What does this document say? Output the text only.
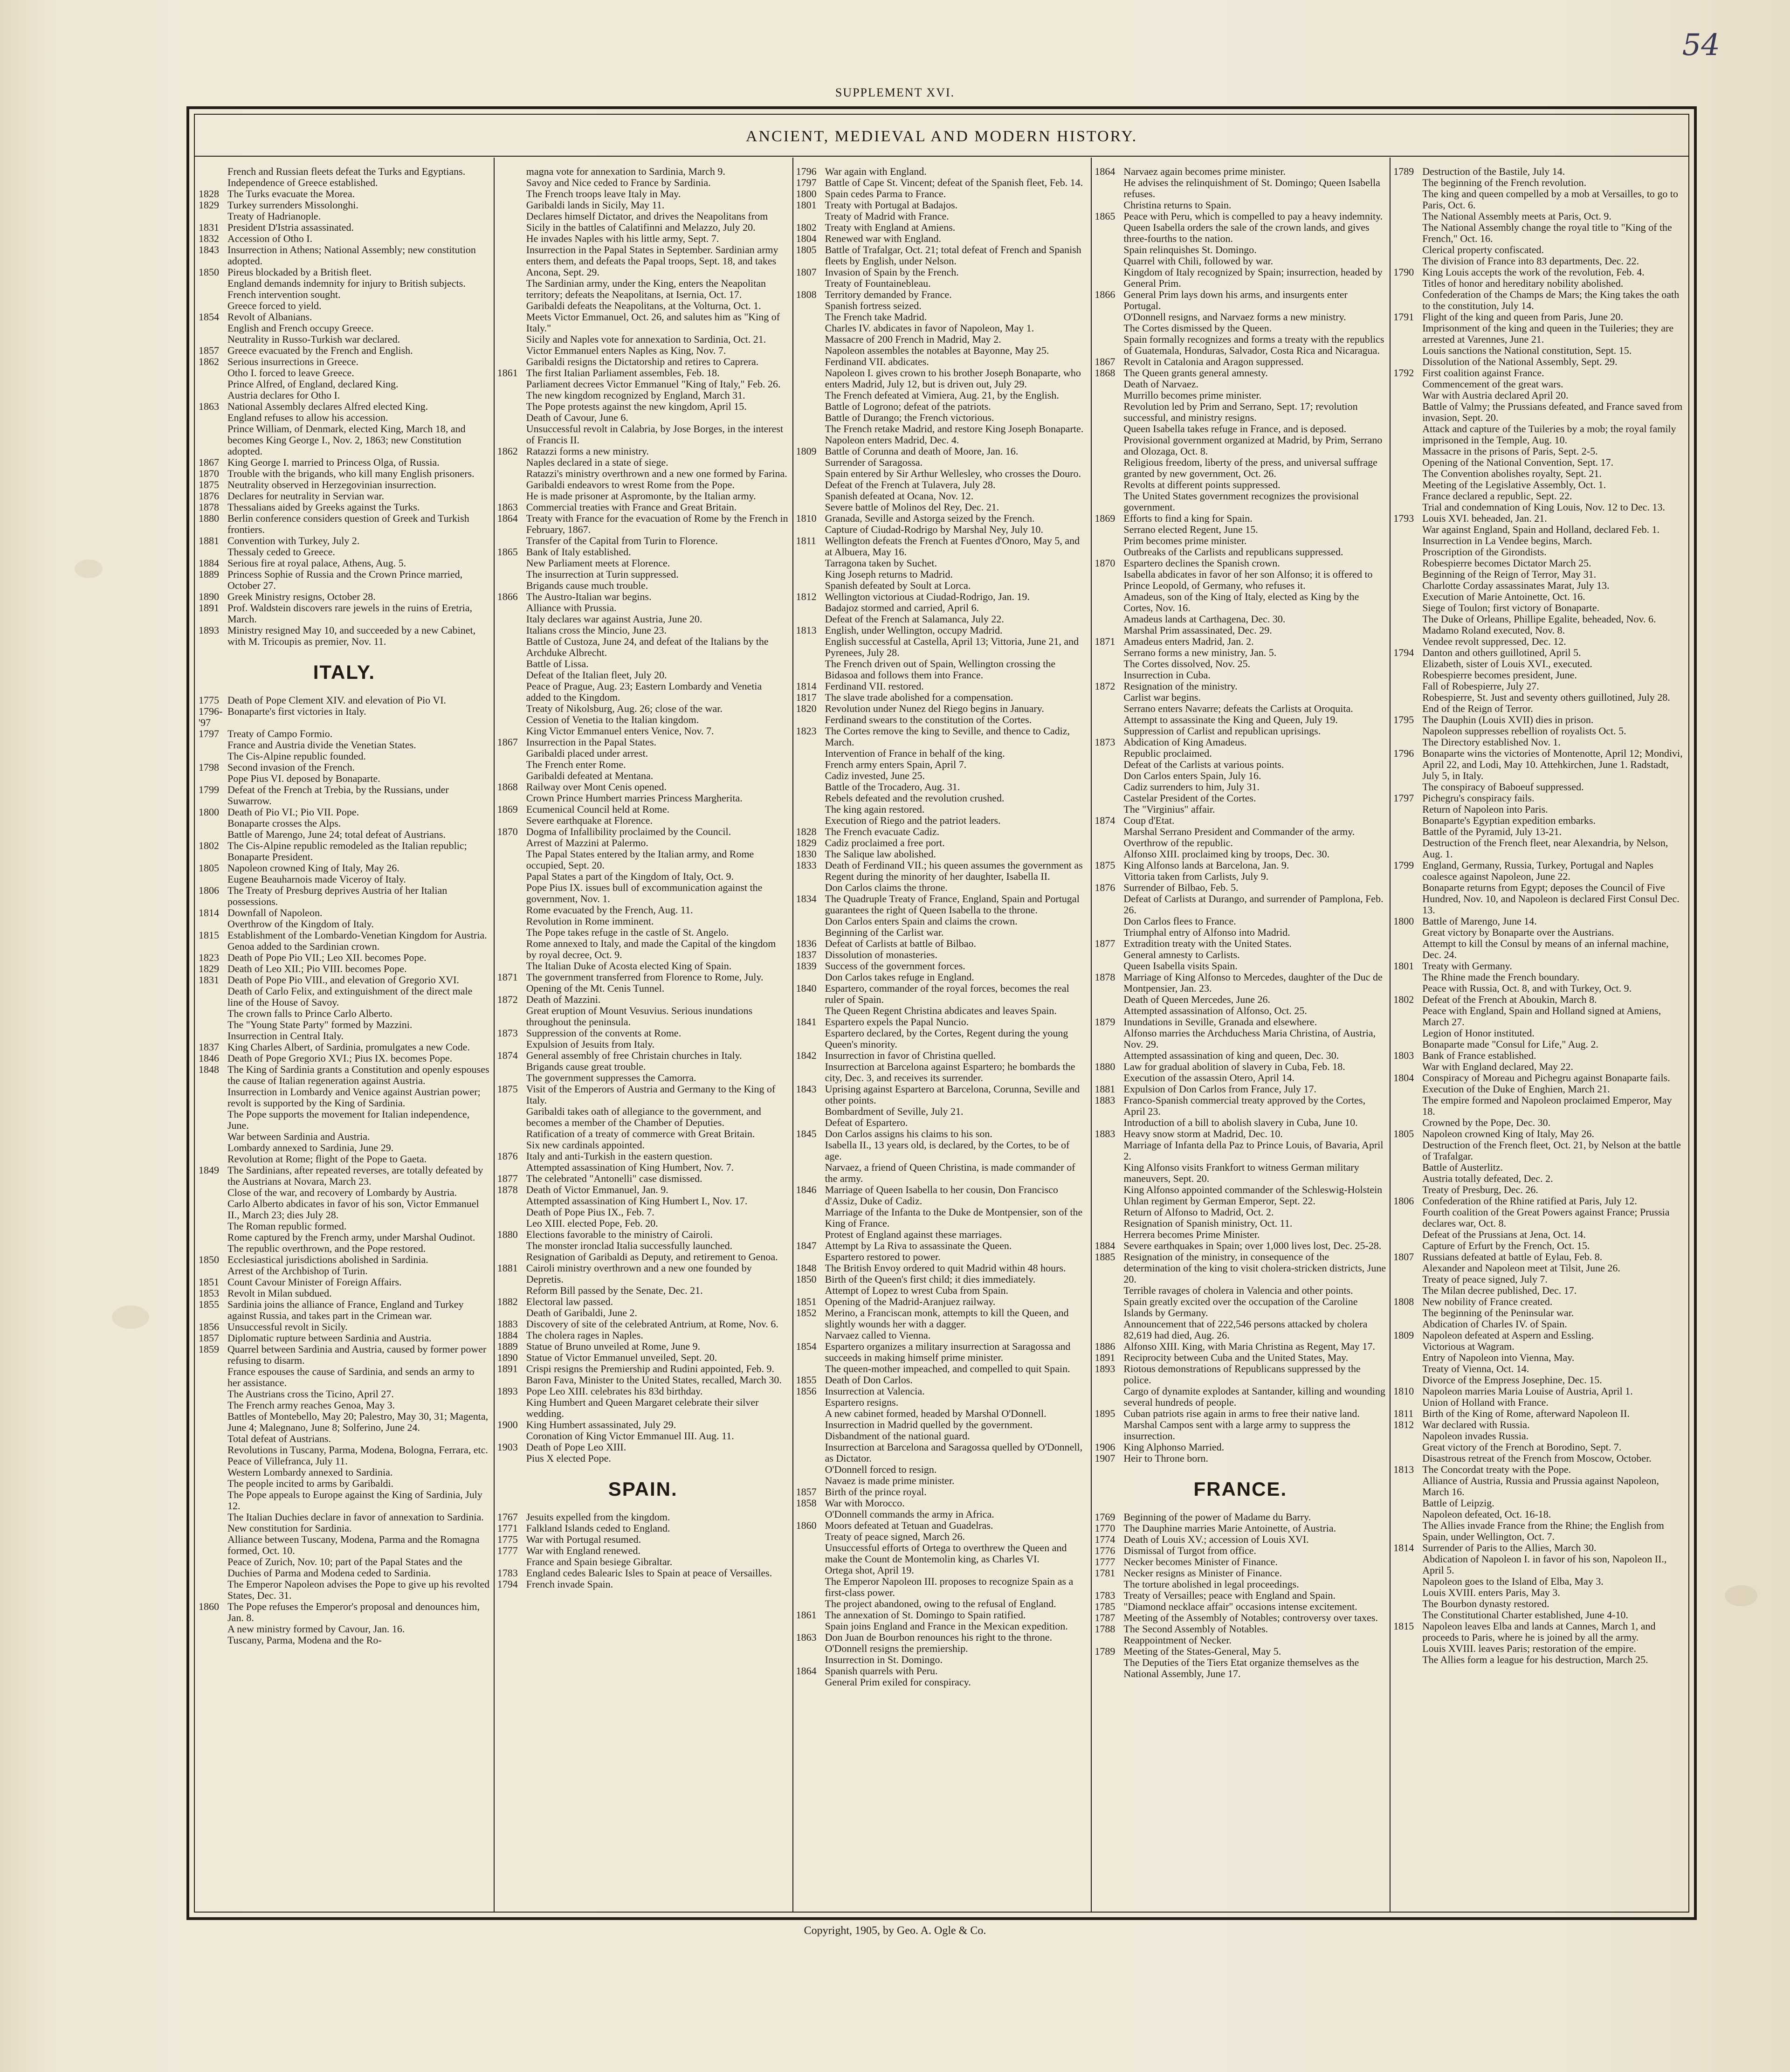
54
SUPPLEMENT XVI.
ANCIENT, MEDIEVAL AND MODERN HISTORY.
French and Russian fleets defeat the Turks and Egyptians.
Independence of Greece established.
1828 The Turks evacuate the Morea.
1829 Turkey surrenders Missolonghi.
Treaty of Hadrianople.
1831 President D'Istria assassinated.
1832 Accession of Otho I.
1843 Insurrection in Athens; National Assembly; new constitution adopted.
1850 Pireus blockaded by a British fleet.
England demands indemnity for injury to British subjects.
French intervention sought.
Greece forced to yield.
1854 Revolt of Albanians.
English and French occupy Greece.
Neutrality in Russo-Turkish war declared.
1857 Greece evacuated by the French and English.
1862 Serious insurrections in Greece.
Otho I. forced to leave Greece.
Prince Alfred, of England, declared King.
Austria declares for Otho I.
1863 National Assembly declares Alfred elected King.
England refuses to allow his accession.
Prince William, of Denmark, elected King, March 18, and becomes King George I., Nov. 2, 1863; new Constitution adopted.
1867 King George I. married to Princess Olga, of Russia.
1870 Trouble with the brigands, who kill many English prisoners.
1875 Neutrality observed in Herzegovinian insurrection.
1876 Declares for neutrality in Servian war.
1878 Thessalians aided by Greeks against the Turks.
1880 Berlin conference considers question of Greek and Turkish frontiers.
1881 Convention with Turkey, July 2.
Thessaly ceded to Greece.
1884 Serious fire at royal palace, Athens, Aug. 5.
1889 Princess Sophie of Russia and the Crown Prince married, October 27.
1890 Greek Ministry resigns, October 28.
1891 Prof. Waldstein discovers rare jewels in the ruins of Eretria, March.
1893 Ministry resigned May 10, and succeeded by a new Cabinet, with M. Tricoupis as premier, Nov. 11.
ITALY.
1775 Death of Pope Clement XIV. and elevation of Pio VI.
1796-'97
Bonaparte's first victories in Italy.
1797 Treaty of Campo Formio.
France and Austria divide the Venetian States.
The Cis-Alpine republic founded.
1798 Second invasion of the French.
Pope Pius VI. deposed by Bonaparte.
1799 Defeat of the French at Trebia, by the Russians, under Suwarrow.
1800 Death of Pio VI.; Pio VII. Pope.
Bonaparte crosses the Alps.
Battle of Marengo, June 24; total defeat of Austrians.
1802 The Cis-Alpine republic remodeled as the Italian republic; Bonaparte President.
1805 Napoleon crowned King of Italy, May 26.
Eugene Beauharnois made Viceroy of Italy.
1806 The Treaty of Presburg deprives Austria of her Italian possessions.
1814 Downfall of Napoleon.
Overthrow of the Kingdom of Italy.
1815 Establishment of the Lombardo-Venetian Kingdom for Austria.
Genoa added to the Sardinian crown.
1823 Death of Pope Pio VII.; Leo XII. becomes Pope.
1829 Death of Leo XII.; Pio VIII. becomes Pope.
1831 Death of Pope Pio VIII., and elevation of Gregorio XVI.
Death of Carlo Felix, and extinguishment of the direct male line of the House of Savoy.
The crown falls to Prince Carlo Alberto.
The "Young State Party" formed by Mazzini.
Insurrection in Central Italy.
1837 King Charles Albert, of Sardinia, promulgates a new Code.
1846 Death of Pope Gregorio XVI.; Pius IX. becomes Pope.
1848 The King of Sardinia grants a Constitution and openly espouses the cause of Italian regeneration against Austria.
Insurrection in Lombardy and Venice against Austrian power; revolt is supported by the King of Sardinia.
The Pope supports the movement for Italian independence, June.
War between Sardinia and Austria.
Lombardy annexed to Sardinia, June 29.
Revolution at Rome; flight of the Pope to Gaeta.
1849 The Sardinians, after repeated reverses, are totally defeated by the Austrians at Novara, March 23.
Close of the war, and recovery of Lombardy by Austria.
Carlo Alberto abdicates in favor of his son, Victor Emmanuel II., March 23; dies July 28.
The Roman republic formed.
Rome captured by the French army, under Marshal Oudinot.
The republic overthrown, and the Pope restored.
1850 Ecclesiastical jurisdictions abolished in Sardinia.
Arrest of the Archbishop of Turin.
1851 Count Cavour Minister of Foreign Affairs.
1853 Revolt in Milan subdued.
1855 Sardinia joins the alliance of France, England and Turkey against Russia, and takes part in the Crimean war.
1856 Unsuccessful revolt in Sicily.
1857 Diplomatic rupture between Sardinia and Austria.
1859 Quarrel between Sardinia and Austria, caused by former power refusing to disarm.
France espouses the cause of Sardinia, and sends an army to her assistance.
The Austrians cross the Ticino, April 27.
The French army reaches Genoa, May 3.
Battles of Montebello, May 20; Palestro, May 30, 31; Magenta, June 4; Malegnano, June 8; Solferino, June 24.
Total defeat of Austrians.
Revolutions in Tuscany, Parma, Modena, Bologna, Ferrara, etc.
Peace of Villefranca, July 11.
Western Lombardy annexed to Sardinia.
The people incited to arms by Garibaldi.
The Pope appeals to Europe against the King of Sardinia, July 12.
The Italian Duchies declare in favor of annexation to Sardinia.
New constitution for Sardinia.
Alliance between Tuscany, Modena, Parma and the Romagna formed, Oct. 10.
Peace of Zurich, Nov. 10; part of the Papal States and the Duchies of Parma and Modena ceded to Sardinia.
The Emperor Napoleon advises the Pope to give up his revolted States, Dec. 31.
1860 The Pope refuses the Emperor's proposal and denounces him, Jan. 8.
A new ministry formed by Cavour, Jan. 16.
Tuscany, Parma, Modena and the Ro-
magna vote for annexation to Sardinia, March 9.
Savoy and Nice ceded to France by Sardinia.
The French troops leave Italy in May.
Garibaldi lands in Sicily, May 11.
Declares himself Dictator, and drives the Neapolitans from Sicily in the battles of Calatifinni and Melazzo, July 20.
He invades Naples with his little army, Sept. 7.
Insurrection in the Papal States in September. Sardinian army enters them, and defeats the Papal troops, Sept. 18, and takes Ancona, Sept. 29.
The Sardinian army, under the King, enters the Neapolitan territory; defeats the Neapolitans, at Isernia, Oct. 17.
Garibaldi defeats the Neapolitans, at the Volturna, Oct. 1.
Meets Victor Emmanuel, Oct. 26, and salutes him as "King of Italy."
Sicily and Naples vote for annexation to Sardinia, Oct. 21.
Victor Emmanuel enters Naples as King, Nov. 7.
Garibaldi resigns the Dictatorship and retires to Caprera.
1861 The first Italian Parliament assembles, Feb. 18.
Parliament decrees Victor Emmanuel "King of Italy," Feb. 26.
The new kingdom recognized by England, March 31.
The Pope protests against the new kingdom, April 15.
Death of Cavour, June 6.
Unsuccessful revolt in Calabria, by Jose Borges, in the interest of Francis II.
1862 Ratazzi forms a new ministry.
Naples declared in a state of siege.
Ratazzi's ministry overthrown and a new one formed by Farina.
Garibaldi endeavors to wrest Rome from the Pope.
He is made prisoner at Aspromonte, by the Italian army.
1863 Commercial treaties with France and Great Britain.
1864 Treaty with France for the evacuation of Rome by the French in February, 1867.
Transfer of the Capital from Turin to Florence.
1865 Bank of Italy established.
New Parliament meets at Florence.
The insurrection at Turin suppressed.
Brigands cause much trouble.
1866 The Austro-Italian war begins.
Alliance with Prussia.
Italy declares war against Austria, June 20.
Italians cross the Mincio, June 23.
Battle of Custoza, June 24, and defeat of the Italians by the Archduke Albrecht.
Battle of Lissa.
Defeat of the Italian fleet, July 20.
Peace of Prague, Aug. 23; Eastern Lombardy and Venetia added to the Kingdom.
Treaty of Nikolsburg, Aug. 26; close of the war.
Cession of Venetia to the Italian kingdom.
King Victor Emmanuel enters Venice, Nov. 7.
1867 Insurrection in the Papal States.
Garibaldi placed under arrest.
The French enter Rome.
Garibaldi defeated at Mentana.
1868 Railway over Mont Cenis opened.
Crown Prince Humbert marries Princess Margherita.
1869 Ecumenical Council held at Rome.
Severe earthquake at Florence.
1870 Dogma of Infallibility proclaimed by the Council.
Arrest of Mazzini at Palermo.
The Papal States entered by the Italian army, and Rome occupied, Sept. 20.
Papal States a part of the Kingdom of Italy, Oct. 9.
Pope Pius IX. issues bull of excommunication against the government, Nov. 1.
Rome evacuated by the French, Aug. 11.
Revolution in Rome imminent.
The Pope takes refuge in the castle of St. Angelo.
Rome annexed to Italy, and made the Capital of the kingdom by royal decree, Oct. 9.
The Italian Duke of Acosta elected King of Spain.
1871 The government transferred from Florence to Rome, July.
Opening of the Mt. Cenis Tunnel.
1872 Death of Mazzini.
Great eruption of Mount Vesuvius. Serious inundations throughout the peninsula.
1873 Suppression of the convents at Rome.
Expulsion of Jesuits from Italy.
1874 General assembly of free Christain churches in Italy.
Brigands cause great trouble.
The government suppresses the Camorra.
1875 Visit of the Emperors of Austria and Germany to the King of Italy.
Garibaldi takes oath of allegiance to the government, and becomes a member of the Chamber of Deputies.
Ratification of a treaty of commerce with Great Britain.
Six new cardinals appointed.
1876 Italy and anti-Turkish in the eastern question.
Attempted assassination of King Humbert, Nov. 7.
1877 The celebrated "Antonelli" case dismissed.
1878 Death of Victor Emmanuel, Jan. 9.
Attempted assassination of King Humbert I., Nov. 17.
Death of Pope Pius IX., Feb. 7.
Leo XIII. elected Pope, Feb. 20.
1880 Elections favorable to the ministry of Cairoli.
The monster ironclad Italia successfully launched.
Resignation of Garibaldi as Deputy, and retirement to Genoa.
1881 Cairoli ministry overthrown and a new one founded by Depretis.
Reform Bill passed by the Senate, Dec. 21.
1882 Electoral law passed.
Death of Garibaldi, June 2.
1883 Discovery of site of the celebrated Antrium, at Rome, Nov. 6.
1884 The cholera rages in Naples.
1889 Statue of Bruno unveiled at Rome, June 9.
1890 Statue of Victor Emmanuel unveiled, Sept. 20.
1891 Crispi resigns the Premiership and Rudini appointed, Feb. 9.
Baron Fava, Minister to the United States, recalled, March 30.
1893 Pope Leo XIII. celebrates his 83d birthday.
King Humbert and Queen Margaret celebrate their silver wedding.
1900 King Humbert assassinated, July 29.
Coronation of King Victor Emmanuel III. Aug. 11.
1903 Death of Pope Leo XIII.
Pius X elected Pope.
SPAIN.
1767 Jesuits expelled from the kingdom.
1771 Falkland Islands ceded to England.
1775 War with Portugal resumed.
1777 War with England renewed.
France and Spain besiege Gibraltar.
1783 England cedes Balearic Isles to Spain at peace of Versailles.
1794 French invade Spain.
1796 War again with England.
1797 Battle of Cape St. Vincent; defeat of the Spanish fleet, Feb. 14.
1800 Spain cedes Parma to France.
1801 Treaty with Portugal at Badajos.
Treaty of Madrid with France.
1802 Treaty with England at Amiens.
1804 Renewed war with England.
1805 Battle of Trafalgar, Oct. 21; total defeat of French and Spanish fleets by English, under Nelson.
1807 Invasion of Spain by the French.
Treaty of Fountainebleau.
1808 Territory demanded by France.
Spanish fortress seized.
The French take Madrid.
Charles IV. abdicates in favor of Napoleon, May 1.
Massacre of 200 French in Madrid, May 2.
Napoleon assembles the notables at Bayonne, May 25.
Ferdinand VII. abdicates.
Napoleon I. gives crown to his brother Joseph Bonaparte, who enters Madrid, July 12, but is driven out, July 29.
The French defeated at Vimiera, Aug. 21, by the English.
Battle of Logrono; defeat of the patriots.
Battle of Durango; the French victorious.
The French retake Madrid, and restore King Joseph Bonaparte.
Napoleon enters Madrid, Dec. 4.
1809 Battle of Corunna and death of Moore, Jan. 16.
Surrender of Saragossa.
Spain entered by Sir Arthur Wellesley, who crosses the Douro.
Defeat of the French at Tulavera, July 28.
Spanish defeated at Ocana, Nov. 12.
Severe battle of Molinos del Rey, Dec. 21.
1810 Granada, Seville and Astorga seized by the French.
Capture of Ciudad-Rodrigo by Marshal Ney, July 10.
1811 Wellington defeats the French at Fuentes d'Onoro, May 5, and at Albuera, May 16.
Tarragona taken by Suchet.
King Joseph returns to Madrid.
Spanish defeated by Soult at Lorca.
1812 Wellington victorious at Ciudad-Rodrigo, Jan. 19.
Badajoz stormed and carried, April 6.
Defeat of the French at Salamanca, July 22.
1813 English, under Wellington, occupy Madrid.
English successful at Castella, April 13; Vittoria, June 21, and Pyrenees, July 28.
The French driven out of Spain, Wellington crossing the Bidasoa and follows them into France.
1814 Ferdinand VII. restored.
1817 The slave trade abolished for a compensation.
1820 Revolution under Nunez del Riego begins in January.
Ferdinand swears to the constitution of the Cortes.
1823 The Cortes remove the king to Seville, and thence to Cadiz, March.
Intervention of France in behalf of the king.
French army enters Spain, April 7.
Cadiz invested, June 25.
Battle of the Trocadero, Aug. 31.
Rebels defeated and the revolution crushed.
The king again restored.
Execution of Riego and the patriot leaders.
1828 The French evacuate Cadiz.
1829 Cadiz proclaimed a free port.
1830 The Salique law abolished.
1833 Death of Ferdinand VII.; his queen assumes the government as Regent during the minority of her daughter, Isabella II.
Don Carlos claims the throne.
1834 The Quadruple Treaty of France, England, Spain and Portugal guarantees the right of Queen Isabella to the throne.
Don Carlos enters Spain and claims the crown.
Beginning of the Carlist war.
1836 Defeat of Carlists at battle of Bilbao.
1837 Dissolution of monasteries.
1839 Success of the government forces.
Don Carlos takes refuge in England.
1840 Espartero, commander of the royal forces, becomes the real ruler of Spain.
The Queen Regent Christina abdicates and leaves Spain.
1841 Espartero expels the Papal Nuncio.
Espartero declared, by the Cortes, Regent during the young Queen's minority.
1842 Insurrection in favor of Christina quelled.
Insurrection at Barcelona against Espartero; he bombards the city, Dec. 3, and receives its surrender.
1843 Uprising against Espartero at Barcelona, Corunna, Seville and other points.
Bombardment of Seville, July 21.
Defeat of Espartero.
1845 Don Carlos assigns his claims to his son.
Isabella II., 13 years old, is declared, by the Cortes, to be of age.
Narvaez, a friend of Queen Christina, is made commander of the army.
1846 Marriage of Queen Isabella to her cousin, Don Francisco d'Assiz, Duke of Cadiz.
Marriage of the Infanta to the Duke de Montpensier, son of the King of France.
Protest of England against these marriages.
1847 Attempt by La Riva to assassinate the Queen.
Espartero restored to power.
1848 The British Envoy ordered to quit Madrid within 48 hours.
1850 Birth of the Queen's first child; it dies immediately.
Attempt of Lopez to wrest Cuba from Spain.
1851 Opening of the Madrid-Aranjuez railway.
1852 Merino, a Franciscan monk, attempts to kill the Queen, and slightly wounds her with a dagger.
Narvaez called to Vienna.
1854 Espartero organizes a military insurrection at Saragossa and succeeds in making himself prime minister.
The queen-mother impeached, and compelled to quit Spain.
1855 Death of Don Carlos.
1856 Insurrection at Valencia.
Espartero resigns.
A new cabinet formed, headed by Marshal O'Donnell.
Insurrection in Madrid quelled by the government.
Disbandment of the national guard.
Insurrection at Barcelona and Saragossa quelled by O'Donnell, as Dictator.
O'Donnell forced to resign.
Navaez is made prime minister.
1857 Birth of the prince royal.
1858 War with Morocco.
O'Donnell commands the army in Africa.
1860 Moors defeated at Tetuan and Guadelras.
Treaty of peace signed, March 26.
Unsuccessful efforts of Ortega to overthrew the Queen and make the Count de Montemolin king, as Charles VI.
Ortega shot, April 19.
The Emperor Napoleon III. proposes to recognize Spain as a first-class power.
The project abandoned, owing to the refusal of England.
1861 The annexation of St. Domingo to Spain ratified.
Spain joins England and France in the Mexican expedition.
1863 Don Juan de Bourbon renounces his right to the throne.
O'Donnell resigns the premiership.
Insurrection in St. Domingo.
1864 Spanish quarrels with Peru.
General Prim exiled for conspiracy.
1864 Narvaez again becomes prime minister.
He advises the relinquishment of St. Domingo; Queen Isabella refuses.
Christina returns to Spain.
1865 Peace with Peru, which is compelled to pay a heavy indemnity.
Queen Isabella orders the sale of the crown lands, and gives three-fourths to the nation.
Spain relinquishes St. Domingo.
Quarrel with Chili, followed by war.
Kingdom of Italy recognized by Spain; insurrection, headed by General Prim.
1866 General Prim lays down his arms, and insurgents enter Portugal.
O'Donnell resigns, and Narvaez forms a new ministry.
The Cortes dismissed by the Queen.
Spain formally recognizes and forms a treaty with the republics of Guatemala, Honduras, Salvador, Costa Rica and Nicaragua.
1867 Revolt in Catalonia and Aragon suppressed.
1868 The Queen grants general amnesty.
Death of Narvaez.
Murrillo becomes prime minister.
Revolution led by Prim and Serrano, Sept. 17; revolution successful, and ministry resigns.
Queen Isabella takes refuge in France, and is deposed.
Provisional government organized at Madrid, by Prim, Serrano and Olozaga, Oct. 8.
Religious freedom, liberty of the press, and universal suffrage granted by new government, Oct. 26.
Revolts at different points suppressed.
The United States government recognizes the provisional government.
1869 Efforts to find a king for Spain.
Serrano elected Regent, June 15.
Prim becomes prime minister.
Outbreaks of the Carlists and republicans suppressed.
1870 Espartero declines the Spanish crown.
Isabella abdicates in favor of her son Alfonso; it is offered to Prince Leopold, of Germany, who refuses it.
Amadeus, son of the King of Italy, elected as King by the Cortes, Nov. 16.
Amadeus lands at Carthagena, Dec. 30.
Marshal Prim assassinated, Dec. 29.
1871 Amadeus enters Madrid, Jan. 2.
Serrano forms a new ministry, Jan. 5.
The Cortes dissolved, Nov. 25.
Insurrection in Cuba.
1872 Resignation of the ministry.
Carlist war begins.
Serrano enters Navarre; defeats the Carlists at Oroquita.
Attempt to assassinate the King and Queen, July 19.
Suppression of Carlist and republican uprisings.
1873 Abdication of King Amadeus.
Republic proclaimed.
Defeat of the Carlists at various points.
Don Carlos enters Spain, July 16.
Cadiz surrenders to him, July 31.
Castelar President of the Cortes.
The "Virginius" affair.
1874 Coup d'Etat.
Marshal Serrano President and Commander of the army.
Overthrow of the republic.
Alfonso XIII. proclaimed king by troops, Dec. 30.
1875 King Alfonso lands at Barcelona, Jan. 9.
Vittoria taken from Carlists, July 9.
1876 Surrender of Bilbao, Feb. 5.
Defeat of Carlists at Durango, and surrender of Pamplona, Feb. 26.
Don Carlos flees to France.
Triumphal entry of Alfonso into Madrid.
1877 Extradition treaty with the United States.
General amnesty to Carlists.
Queen Isabella visits Spain.
1878 Marriage of King Alfonso to Mercedes, daughter of the Duc de Montpensier, Jan. 23.
Death of Queen Mercedes, June 26.
Attempted assassination of Alfonso, Oct. 25.
1879 Inundations in Seville, Granada and elsewhere.
Alfonso marries the Archduchess Maria Christina, of Austria, Nov. 29.
Attempted assassination of king and queen, Dec. 30.
1880 Law for gradual abolition of slavery in Cuba, Feb. 18.
Execution of the assassin Otero, April 14.
1881 Expulsion of Don Carlos from France, July 17.
1883 Franco-Spanish commercial treaty approved by the Cortes, April 23.
Introduction of a bill to abolish slavery in Cuba, June 10.
1883 Heavy snow storm at Madrid, Dec. 10.
Marriage of Infanta della Paz to Prince Louis, of Bavaria, April 2.
King Alfonso visits Frankfort to witness German military maneuvers, Sept. 20.
King Alfonso appointed commander of the Schleswig-Holstein Uhlan regiment by German Emperor, Sept. 22.
Return of Alfonso to Madrid, Oct. 2.
Resignation of Spanish ministry, Oct. 11.
Herrera becomes Prime Minister.
1884 Severe earthquakes in Spain; over 1,000 lives lost, Dec. 25-28.
1885 Resignation of the ministry, in consequence of the determination of the king to visit cholera-stricken districts, June 20.
Terrible ravages of cholera in Valencia and other points.
Spain greatly excited over the occupation of the Caroline Islands by Germany.
Announcement that of 222,546 persons attacked by cholera 82,619 had died, Aug. 26.
1886 Alfonso XIII. King, with Maria Christina as Regent, May 17.
1891 Reciprocity between Cuba and the United States, May.
1893 Riotous demonstrations of Republicans suppressed by the police.
Cargo of dynamite explodes at Santander, killing and wounding several hundreds of people.
1895 Cuban patriots rise again in arms to free their native land. Marshal Campos sent with a large army to suppress the insurrection.
1906 King Alphonso Married.
1907 Heir to Throne born.
FRANCE.
1769 Beginning of the power of Madame du Barry.
1770 The Dauphine marries Marie Antoinette, of Austria.
1774 Death of Louis XV.; accession of Louis XVI.
1776 Dismissal of Turgot from office.
1777 Necker becomes Minister of Finance.
1781 Necker resigns as Minister of Finance.
The torture abolished in legal proceedings.
1783 Treaty of Versailles; peace with England and Spain.
1785 "Diamond necklace affair" occasions intense excitement.
1787 Meeting of the Assembly of Notables; controversy over taxes.
1788 The Second Assembly of Notables.
Reappointment of Necker.
1789 Meeting of the States-General, May 5.
The Deputies of the Tiers Etat organize themselves as the National Assembly, June 17.
1789 Destruction of the Bastile, July 14.
The beginning of the French revolution.
The king and queen compelled by a mob at Versailles, to go to Paris, Oct. 6.
The National Assembly meets at Paris, Oct. 9.
The National Assembly change the royal title to "King of the French," Oct. 16.
Clerical property confiscated.
The division of France into 83 departments, Dec. 22.
1790 King Louis accepts the work of the revolution, Feb. 4.
Titles of honor and hereditary nobility abolished.
Confederation of the Champs de Mars; the King takes the oath to the constitution, July 14.
1791 Flight of the king and queen from Paris, June 20.
Imprisonment of the king and queen in the Tuileries; they are arrested at Varennes, June 21.
Louis sanctions the National constitution, Sept. 15.
Dissolution of the National Assembly, Sept. 29.
1792 First coalition against France.
Commencement of the great wars.
War with Austria declared April 20.
Battle of Valmy; the Prussians defeated, and France saved from invasion, Sept. 20.
Attack and capture of the Tuileries by a mob; the royal family imprisoned in the Temple, Aug. 10.
Massacre in the prisons of Paris, Sept. 2-5.
Opening of the National Convention, Sept. 17.
The Convention abolishes royalty, Sept. 21.
Meeting of the Legislative Assembly, Oct. 1.
France declared a republic, Sept. 22.
Trial and condemnation of King Louis, Nov. 12 to Dec. 13.
1793 Louis XVI. beheaded, Jan. 21.
War against England, Spain and Holland, declared Feb. 1.
Insurrection in La Vendee begins, March.
Proscription of the Girondists.
Robespierre becomes Dictator March 25.
Beginning of the Reign of Terror, May 31.
Charlotte Corday assassinates Marat, July 13.
Execution of Marie Antoinette, Oct. 16.
Siege of Toulon; first victory of Bonaparte.
The Duke of Orleans, Phillipe Egalite, beheaded, Nov. 6.
Madamo Roland executed, Nov. 8.
Vendee revolt suppressed, Dec. 12.
1794 Danton and others guillotined, April 5.
Elizabeth, sister of Louis XVI., executed.
Robespierre becomes president, June.
Fall of Robespierre, July 27.
Robespierre, St. Just and seventy others guillotined, July 28.
End of the Reign of Terror.
1795 The Dauphin (Louis XVII) dies in prison.
Napoleon suppresses rebellion of royalists Oct. 5.
The Directory established Nov. 1.
1796 Bonaparte wins the victories of Montenotte, April 12; Mondivi, April 22, and Lodi, May 10. Attehkirchen, June 1. Radstadt, July 5, in Italy.
The conspiracy of Baboeuf suppressed.
1797 Pichegru's conspiracy fails.
Return of Napoleon into Paris.
Bonaparte's Egyptian expedition embarks.
Battle of the Pyramid, July 13-21.
Destruction of the French fleet, near Alexandria, by Nelson, Aug. 1.
1799 England, Germany, Russia, Turkey, Portugal and Naples coalesce against Napoleon, June 22.
Bonaparte returns from Egypt; deposes the Council of Five Hundred, Nov. 10, and Napoleon is declared First Consul Dec. 13.
1800 Battle of Marengo, June 14.
Great victory by Bonaparte over the Austrians.
Attempt to kill the Consul by means of an infernal machine, Dec. 24.
1801 Treaty with Germany.
The Rhine made the French boundary.
Peace with Russia, Oct. 8, and with Turkey, Oct. 9.
1802 Defeat of the French at Aboukin, March 8.
Peace with England, Spain and Holland signed at Amiens, March 27.
Legion of Honor instituted.
Bonaparte made "Consul for Life," Aug. 2.
1803 Bank of France established.
War with England declared, May 22.
1804 Conspiracy of Moreau and Pichegru against Bonaparte fails.
Execution of the Duke of Enghien, March 21.
The empire formed and Napoleon proclaimed Emperor, May 18.
Crowned by the Pope, Dec. 30.
1805 Napoleon crowned King of Italy, May 26.
Destruction of the French fleet, Oct. 21, by Nelson at the battle of Trafalgar.
Battle of Austerlitz.
Austria totally defeated, Dec. 2.
Treaty of Presburg, Dec. 26.
1806 Confederation of the Rhine ratified at Paris, July 12.
Fourth coalition of the Great Powers against France; Prussia declares war, Oct. 8.
Defeat of the Prussians at Jena, Oct. 14.
Capture of Erfurt by the French, Oct. 15.
1807 Russians defeated at battle of Eylau, Feb. 8.
Alexander and Napoleon meet at Tilsit, June 26.
Treaty of peace signed, July 7.
The Milan decree published, Dec. 17.
1808 New nobility of France created.
The beginning of the Peninsular war.
Abdication of Charles IV. of Spain.
1809 Napoleon defeated at Aspern and Essling.
Victorious at Wagram.
Entry of Napoleon into Vienna, May.
Treaty of Vienna, Oct. 14.
Divorce of the Empress Josephine, Dec. 15.
1810 Napoleon marries Maria Louise of Austria, April 1.
Union of Holland with France.
1811 Birth of the King of Rome, afterward Napoleon II.
1812 War declared with Russia.
Napoleon invades Russia.
Great victory of the French at Borodino, Sept. 7.
Disastrous retreat of the French from Moscow, October.
1813 The Concordat treaty with the Pope.
Alliance of Austria, Russia and Prussia against Napoleon, March 16.
Battle of Leipzig.
Napoleon defeated, Oct. 16-18.
The Allies invade France from the Rhine; the English from Spain, under Wellington, Oct. 7.
1814 Surrender of Paris to the Allies, March 30.
Abdication of Napoleon I. in favor of his son, Napoleon II., April 5.
Napoleon goes to the Island of Elba, May 3.
Louis XVIII. enters Paris, May 3.
The Bourbon dynasty restored.
The Constitutional Charter established, June 4-10.
1815 Napoleon leaves Elba and lands at Cannes, March 1, and proceeds to Paris, where he is joined by all the army.
Louis XVIII. leaves Paris; restoration of the empire.
The Allies form a league for his destruction, March 25.
Copyright, 1905, by Geo. A. Ogle & Co.
